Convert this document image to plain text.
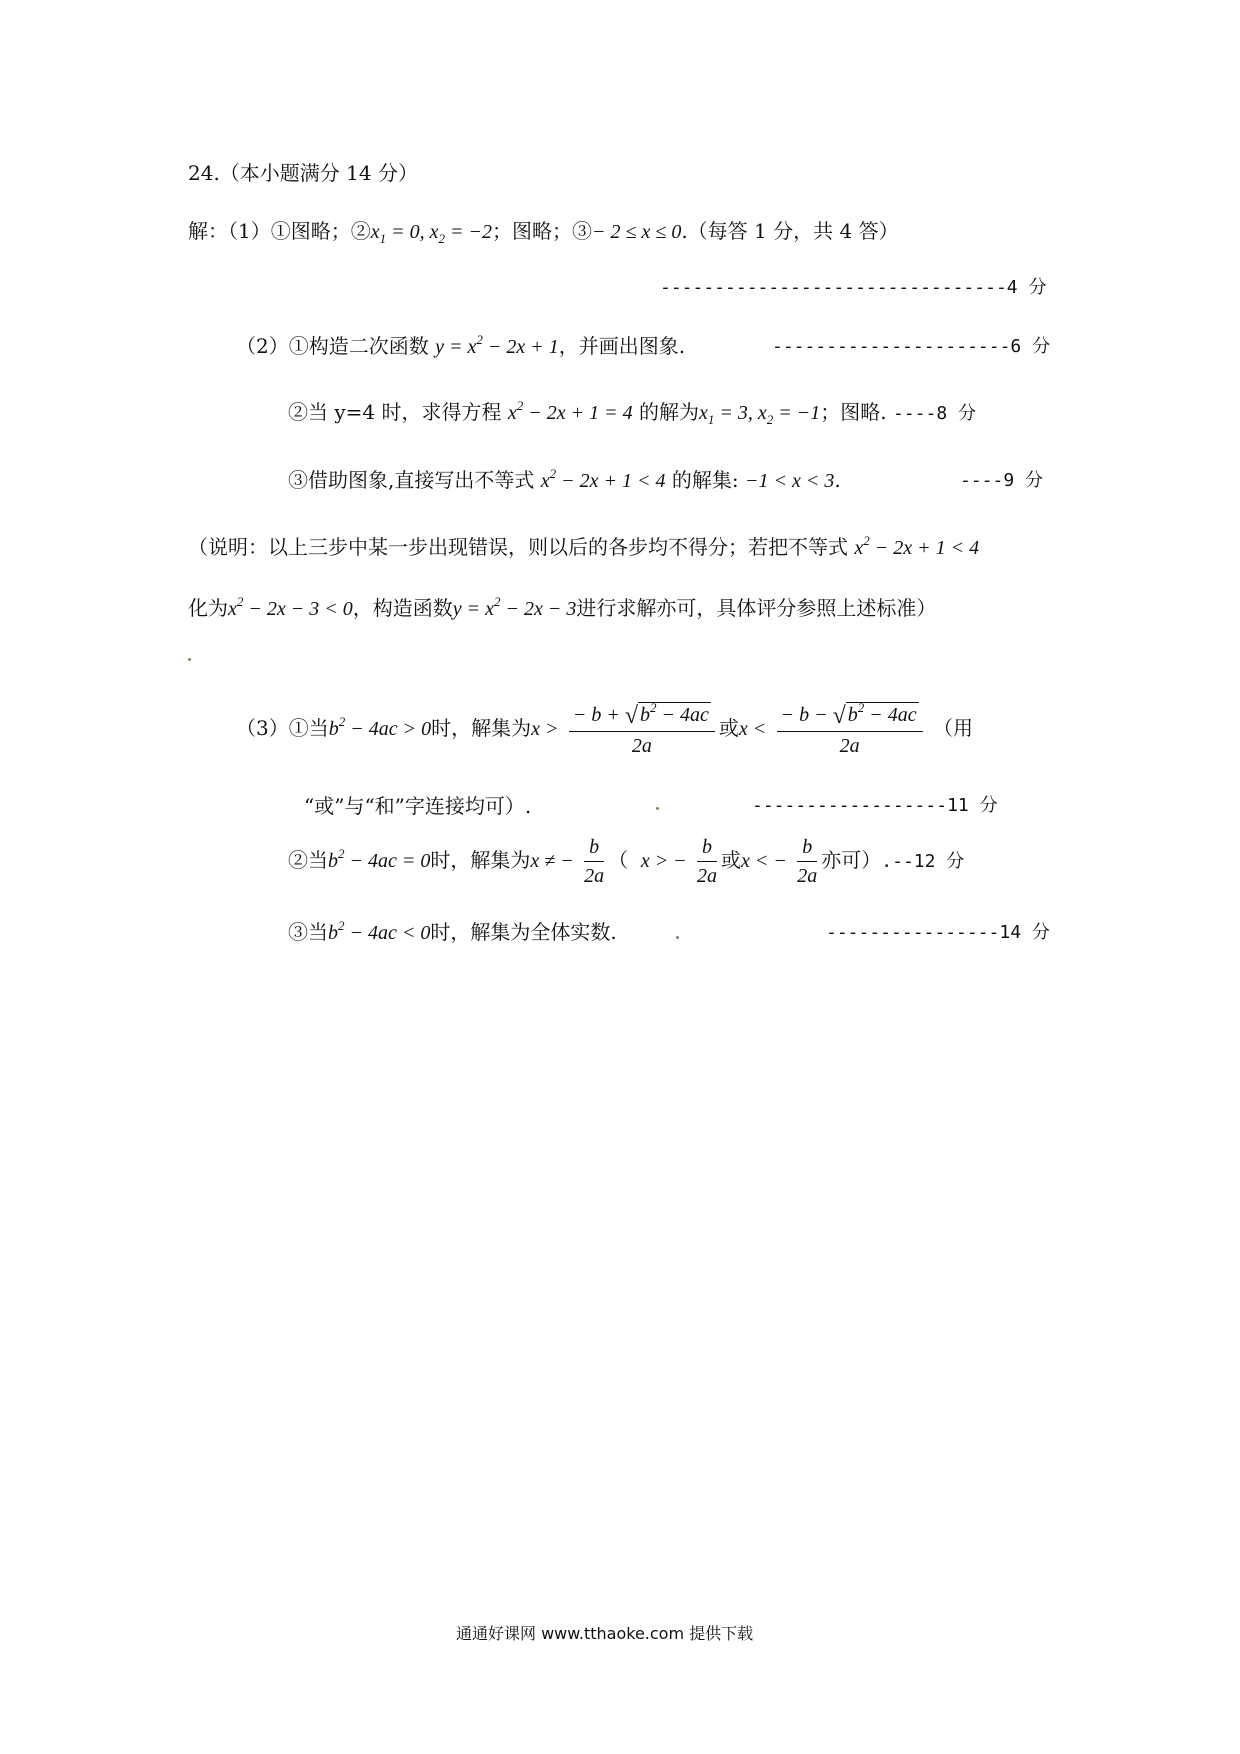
24.（本小题满分 14 分）
解：（1）①图略；$②x_1 = 0$, $x_2 = -2$；图略；③− 2 ≤ x ≤ 0.（每答 1 分，共 4 答）
--------------------------------4 分
（2）①构造二次函数 $y = x^2 - 2x + 1$，并画出图象.	----------------------6 分
②当 y=4 时，求得方程 $x^2 - 2x + 1 = 4$ 的解为$x_1 = 3$, $x_2 = -1$；图略. ----8 分
③借助图象,直接写出不等式 $x^2 - 2x + 1 < 4$ 的解集: −1 < x < 3.	----9 分
（说明：以上三步中某一步出现错误，则以后的各步均不得分；若把不等式 $x^2 - 2x + 1 < 4$
化为$x^2 - 2x - 3 < 0$，构造函数$y = x^2 - 2x - 3$进行求解亦可，具体评分参照上述标准）
（3）①当$b^2 - 4ac > 0$时，解集为$x > \frac{- b + √ b^2 - 4ac}{2a}$ 或$x < \frac{- b - √ b^2 - 4ac}{2a}$ （用
“或”与“和”字连接均可）.	------------------11 分
②当$b^2 - 4ac = 0$时，解集为x ≠ − $\frac{b}{2a}$ （ x > − $\frac{b}{2a}$ 或x < − $\frac{b}{2a}$ 亦可）.--12 分
③当$b^2 - 4ac < 0$时，解集为全体实数.	----------------14 分
通通好课网 www.tthaoke.com 提供下载
